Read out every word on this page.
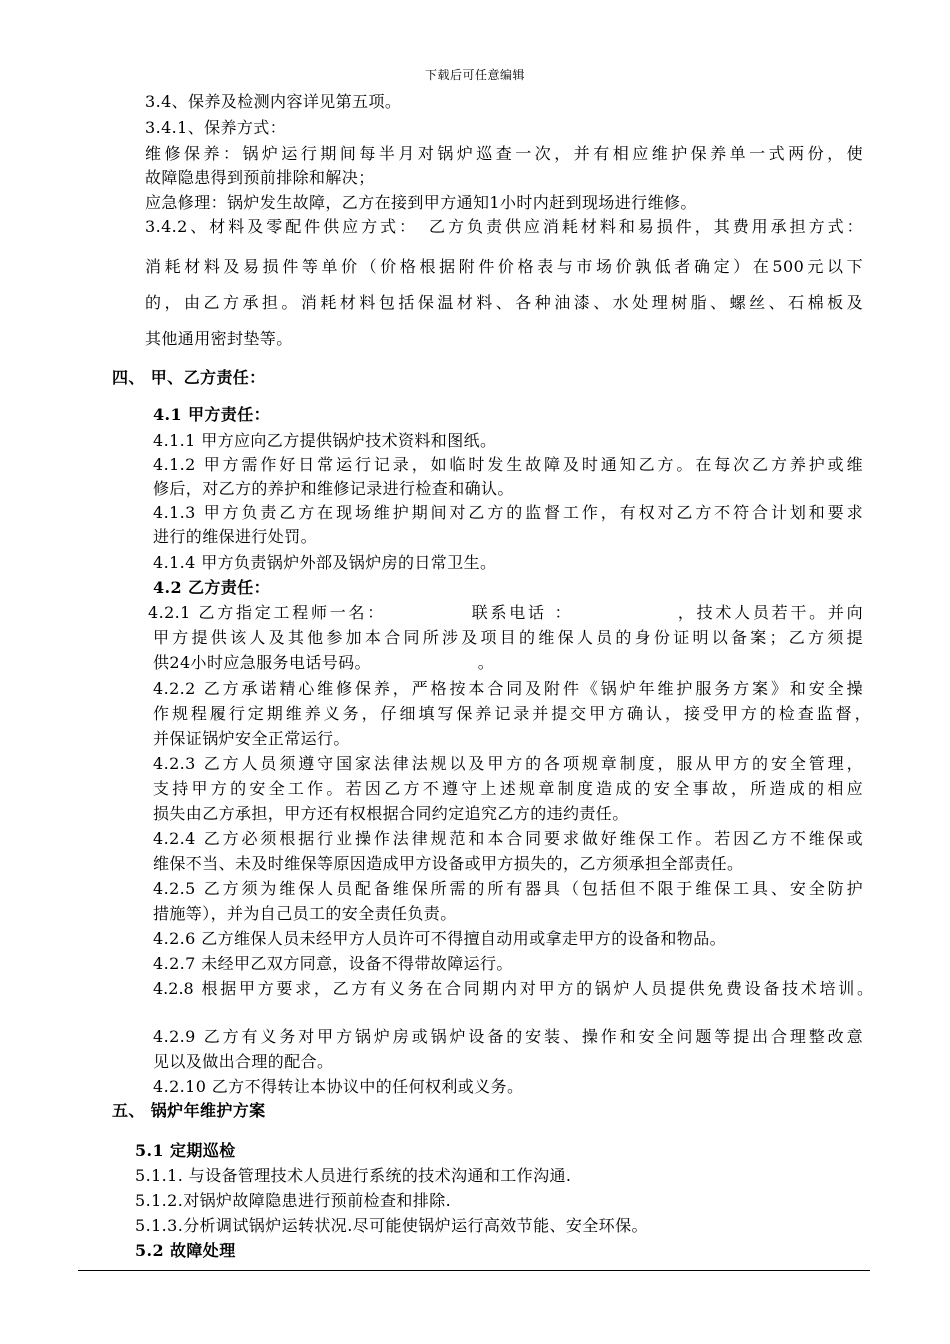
下载后可任意编辑
3.4、保养及检测内容详见第五项。
3.4.1、保养方式：
维修保养：锅炉运行期间每半月对锅炉巡查一次，并有相应维护保养单一式两份，使
故障隐患得到预前排除和解决；
应急修理：锅炉发生故障，乙方在接到甲方通知1小时内赶到现场进行维修。
3.4.2、材料及零配件供应方式：　乙方负责供应消耗材料和易损件，其费用承担方式：
消耗材料及易损件等单价（价格根据附件价格表与市场价孰低者确定）在500元以下
的，由乙方承担。消耗材料包括保温材料、各种油漆、水处理树脂、螺丝、石棉板及
其他通用密封垫等。
四、 甲、乙方责任：
4.1 甲方责任：
4.1.1 甲方应向乙方提供锅炉技术资料和图纸。
4.1.2 甲方需作好日常运行记录，如临时发生故障及时通知乙方。在每次乙方养护或维
修后，对乙方的养护和维修记录进行检查和确认。
4.1.3 甲方负责乙方在现场维护期间对乙方的监督工作，有权对乙方不符合计划和要求
进行的维保进行处罚。
4.1.4 甲方负责锅炉外部及锅炉房的日常卫生。
4.2 乙方责任：
4.2.1 乙方指定工程师一名：　　　　　联系电话 ：　　　　　　，技术人员若干。并向
甲方提供该人及其他参加本合同所涉及项目的维保人员的身份证明以备案；乙方须提
供24小时应急服务电话号码。　　　　　　　。
4.2.2 乙方承诺精心维修保养，严格按本合同及附件《锅炉年维护服务方案》和安全操
作规程履行定期维养义务，仔细填写保养记录并提交甲方确认，接受甲方的检查监督，
并保证锅炉安全正常运行。
4.2.3 乙方人员须遵守国家法律法规以及甲方的各项规章制度，服从甲方的安全管理，
支持甲方的安全工作。若因乙方不遵守上述规章制度造成的安全事故，所造成的相应
损失由乙方承担，甲方还有权根据合同约定追究乙方的违约责任。
4.2.4 乙方必须根据行业操作法律规范和本合同要求做好维保工作。若因乙方不维保或
维保不当、未及时维保等原因造成甲方设备或甲方损失的，乙方须承担全部责任。
4.2.5 乙方须为维保人员配备维保所需的所有器具（包括但不限于维保工具、安全防护
措施等），并为自己员工的安全责任负责。
4.2.6 乙方维保人员未经甲方人员许可不得擅自动用或拿走甲方的设备和物品。
4.2.7 未经甲乙双方同意，设备不得带故障运行。
4.2.8 根据甲方要求，乙方有义务在合同期内对甲方的锅炉人员提供免费设备技术培训。
4.2.9 乙方有义务对甲方锅炉房或锅炉设备的安装、操作和安全问题等提出合理整改意
见以及做出合理的配合。
4.2.10 乙方不得转让本协议中的任何权利或义务。
五、 锅炉年维护方案
5.1 定期巡检
5.1.1. 与设备管理技术人员进行系统的技术沟通和工作沟通.
5.1.2.对锅炉故障隐患进行预前检查和排除.
5.1.3.分析调试锅炉运转状况.尽可能使锅炉运行高效节能、安全环保。
5.2 故障处理
